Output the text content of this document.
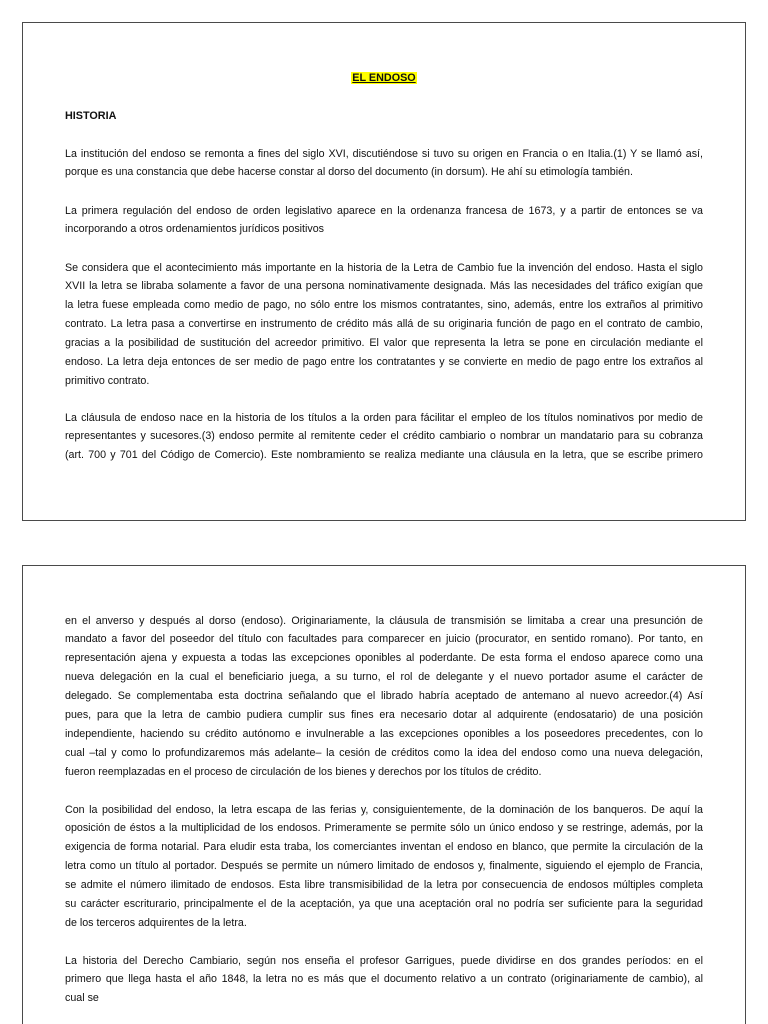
EL ENDOSO
HISTORIA
La institución del endoso se remonta a fines del siglo XVI, discutiéndose si tuvo su origen en Francia o en Italia.(1) Y se llamó así,
porque es una constancia que debe hacerse constar al dorso del documento (in dorsum). He ahí su etimología también.
La primera regulación del endoso de orden legislativo aparece en la ordenanza francesa de 1673, y a partir de entonces se va
incorporando a otros ordenamientos jurídicos positivos
Se considera que el acontecimiento más importante en la historia de la Letra de Cambio fue la invención del endoso. Hasta el siglo
XVII la letra se libraba solamente a favor de una persona nominativamente designada. Más las necesidades del tráfico exigían que
la letra fuese empleada como medio de pago, no sólo entre los mismos contratantes, sino, además, entre los extraños al primitivo
contrato. La letra pasa a convertirse en instrumento de crédito más allá de su originaria función de pago en el contrato de cambio,
gracias a la posibilidad de sustitución del acreedor primitivo. El valor que representa la letra se pone en circulación mediante el
endoso. La letra deja entonces de ser medio de pago entre los contratantes y se convierte en medio de pago entre los extraños al
primitivo contrato.
La cláusula de endoso nace en la historia de los títulos a la orden para fácilitar el empleo de los títulos nominativos por medio de
representantes y sucesores.(3) endoso permite al remitente ceder el crédito cambiario o nombrar un mandatario para su cobranza
(art. 700 y 701 del Código de Comercio). Este nombramiento se realiza mediante una cláusula en la letra, que se escribe primero
en el anverso y después al dorso (endoso). Originariamente, la cláusula de transmisión se limitaba a crear una presunción de
mandato a favor del poseedor del título con facultades para comparecer en juicio (procurator, en sentido romano). Por tanto, en
representación ajena y expuesta a todas las excepciones oponibles al poderdante. De esta forma el endoso aparece como una
nueva delegación en la cual el beneficiario juega, a su turno, el rol de delegante y el nuevo portador asume el carácter de
delegado. Se complementaba esta doctrina señalando que el librado habría aceptado de antemano al nuevo acreedor.(4) Así
pues, para que la letra de cambio pudiera cumplir sus fines era necesario dotar al adquirente (endosatario) de una posición
independiente, haciendo su crédito autónomo e invulnerable a las excepciones oponibles a los poseedores precedentes, con lo
cual –tal y como lo profundizaremos más adelante– la cesión de créditos como la idea del endoso como una nueva delegación,
fueron reemplazadas en el proceso de circulación de los bienes y derechos por los títulos de crédito.
Con la posibilidad del endoso, la letra escapa de las ferias y, consiguientemente, de la dominación de los banqueros. De aquí la
oposición de éstos a la multiplicidad de los endosos. Primeramente se permite sólo un único endoso y se restringe, además, por la
exigencia de forma notarial. Para eludir esta traba, los comerciantes inventan el endoso en blanco, que permite la circulación de la
letra como un título al portador. Después se permite un número limitado de endosos y, finalmente, siguiendo el ejemplo de Francia,
se admite el número ilimitado de endosos. Esta libre transmisibilidad de la letra por consecuencia de endosos múltiples completa
su carácter escriturario, principalmente el de la aceptación, ya que una aceptación oral no podría ser suficiente para la seguridad
de los terceros adquirentes de la letra.
La historia del Derecho Cambiario, según nos enseña el profesor Garrigues, puede dividirse en dos grandes períodos: en el
primero que llega hasta el año 1848, la letra no es más que el documento relativo a un contrato (originariamente de cambio), al
cual se
